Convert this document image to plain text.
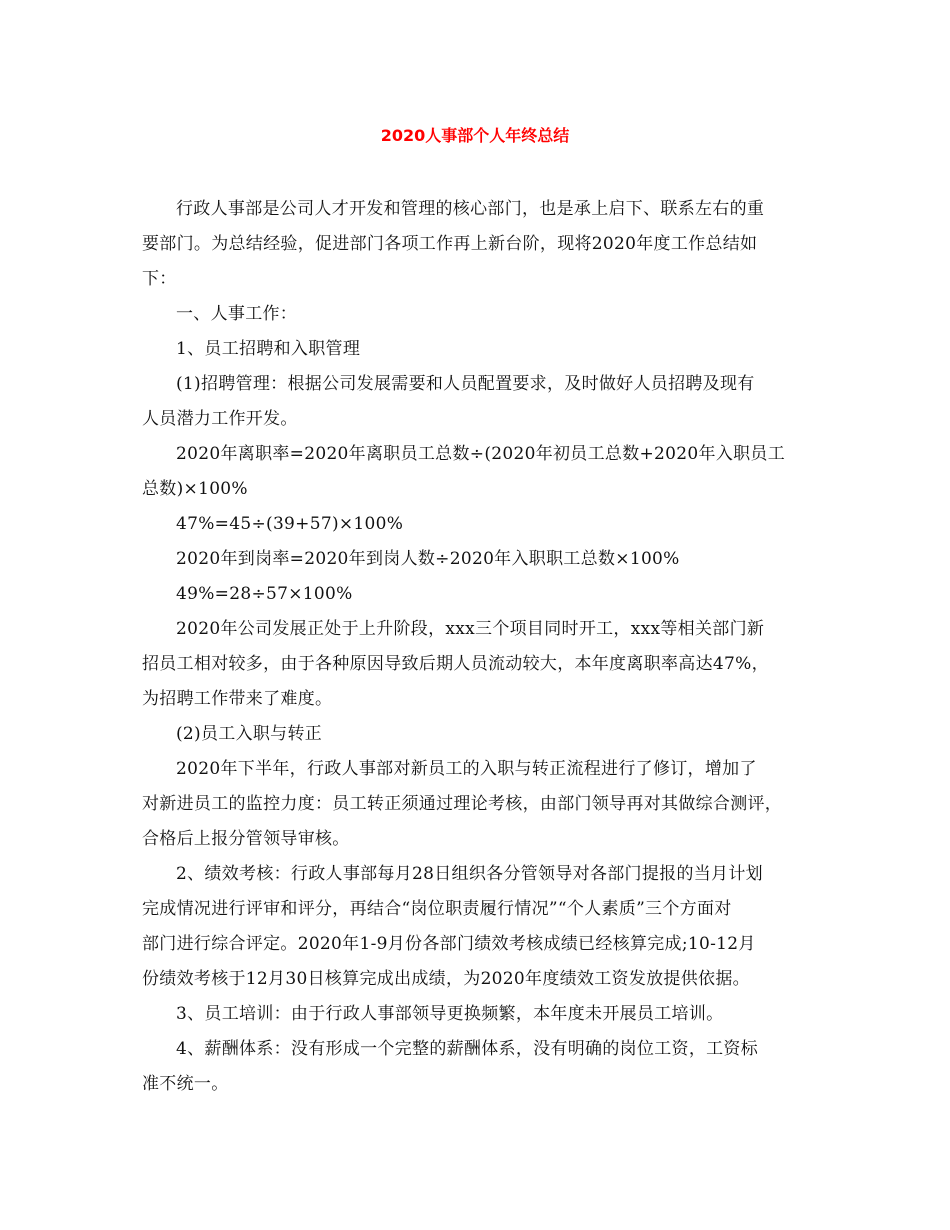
2020人事部个人年终总结
行政人事部是公司人才开发和管理的核心部门，也是承上启下、联系左右的重
要部门。为总结经验，促进部门各项工作再上新台阶，现将2020年度工作总结如
下：
一、人事工作：
1、员工招聘和入职管理
(1)招聘管理：根据公司发展需要和人员配置要求，及时做好人员招聘及现有
人员潜力工作开发。
2020年离职率=2020年离职员工总数÷(2020年初员工总数+2020年入职员工
总数)×100%
47%=45÷(39+57)×100%
2020年到岗率=2020年到岗人数÷2020年入职职工总数×100%
49%=28÷57×100%
2020年公司发展正处于上升阶段，xxx三个项目同时开工，xxx等相关部门新
招员工相对较多，由于各种原因导致后期人员流动较大，本年度离职率高达47%，
为招聘工作带来了难度。
(2)员工入职与转正
2020年下半年，行政人事部对新员工的入职与转正流程进行了修订，增加了
对新进员工的监控力度：员工转正须通过理论考核，由部门领导再对其做综合测评，
合格后上报分管领导审核。
2、绩效考核：行政人事部每月28日组织各分管领导对各部门提报的当月计划
完成情况进行评审和评分，再结合“岗位职责履行情况”“个人素质”三个方面对
部门进行综合评定。2020年1-9月份各部门绩效考核成绩已经核算完成;10-12月
份绩效考核于12月30日核算完成出成绩，为2020年度绩效工资发放提供依据。
3、员工培训：由于行政人事部领导更换频繁，本年度未开展员工培训。
4、薪酬体系：没有形成一个完整的薪酬体系，没有明确的岗位工资，工资标
准不统一。
